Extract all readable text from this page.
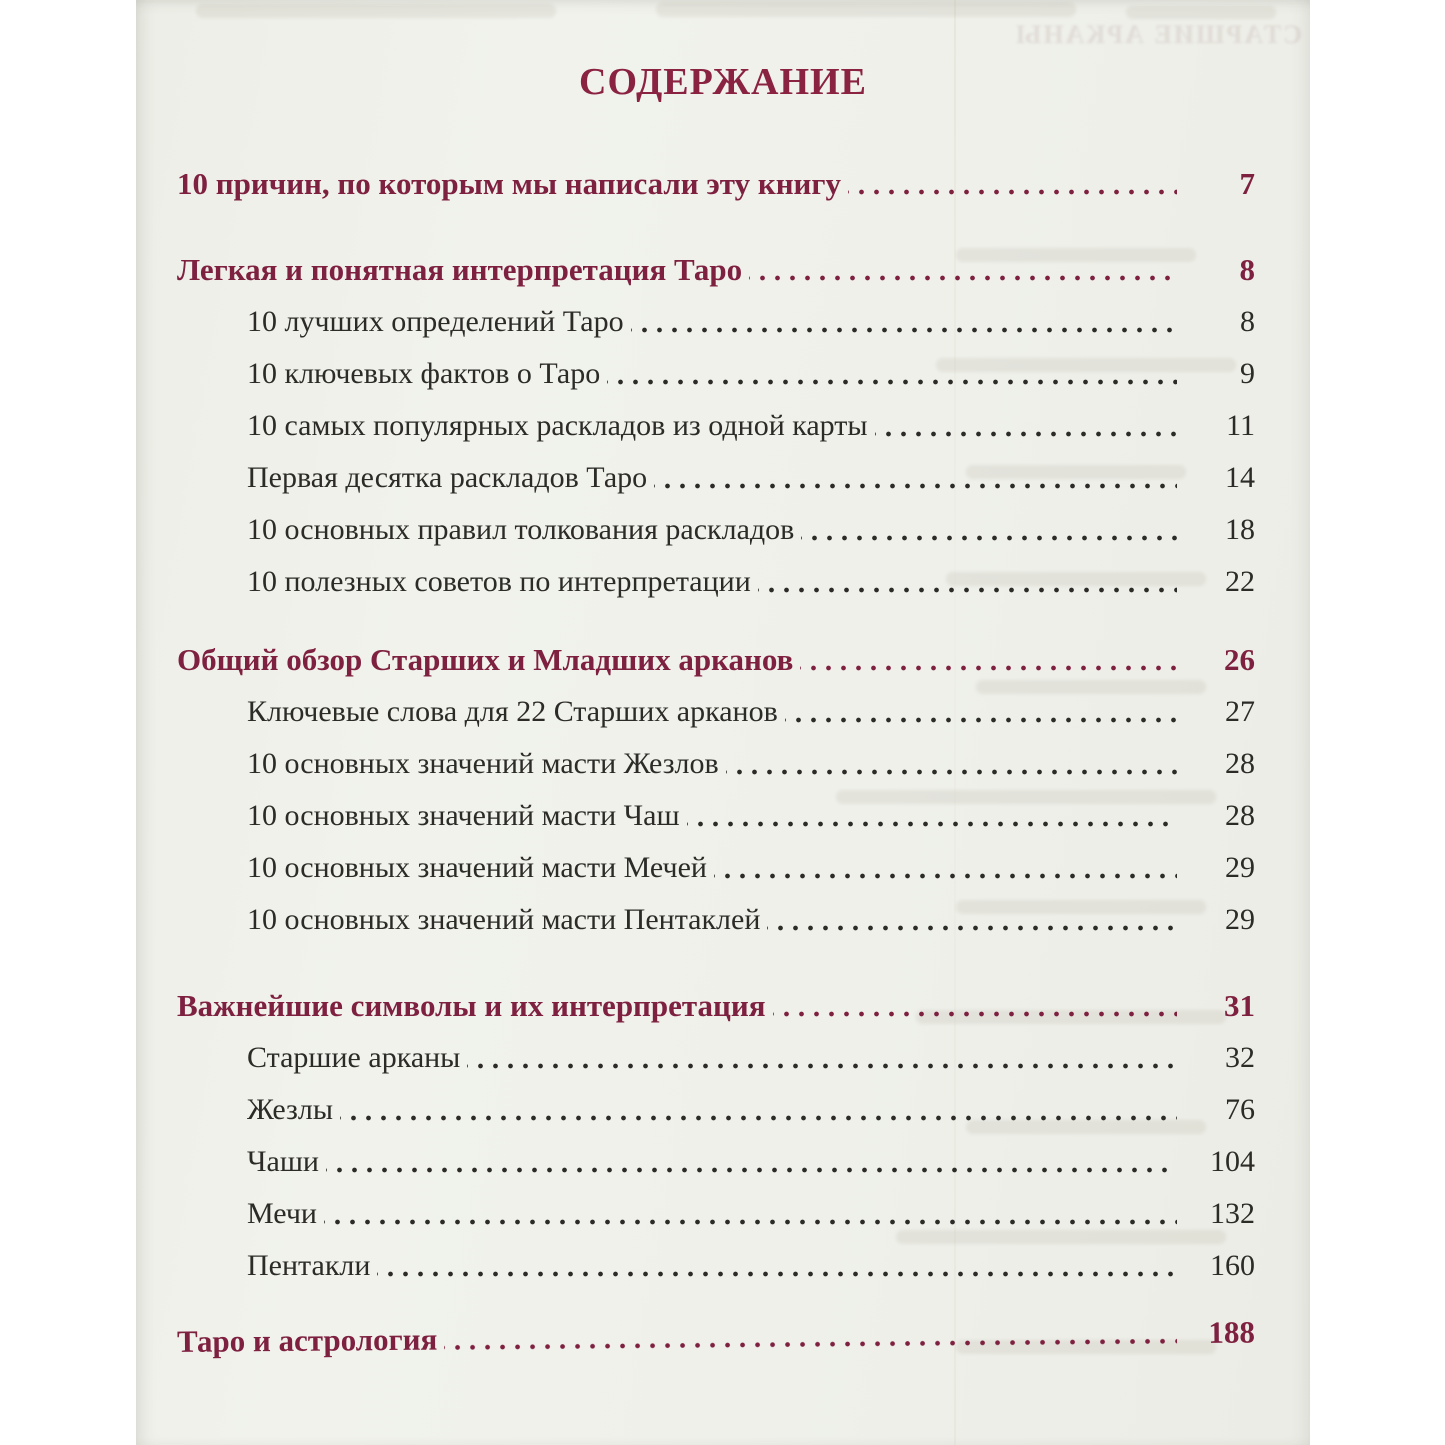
СТАРШИЕ АРКАНЫ
СОДЕРЖАНИЕ
10 причин, по которым мы написали эту книгу	7
Легкая и понятная интерпретация Таро	8
10 лучших определений Таро	8
10 ключевых фактов о Таро	9
10 самых популярных раскладов из одной карты	11
Первая десятка раскладов Таро	14
10 основных правил толкования раскладов	18
10 полезных советов по интерпретации	22
Общий обзор Старших и Младших арканов	26
Ключевые слова для 22 Старших арканов	27
10 основных значений масти Жезлов	28
10 основных значений масти Чаш	28
10 основных значений масти Мечей	29
10 основных значений масти Пентаклей	29
Важнейшие символы и их интерпретация	31
Старшие арканы	32
Жезлы	76
Чаши	104
Мечи	132
Пентакли	160
Таро и астрология	188
